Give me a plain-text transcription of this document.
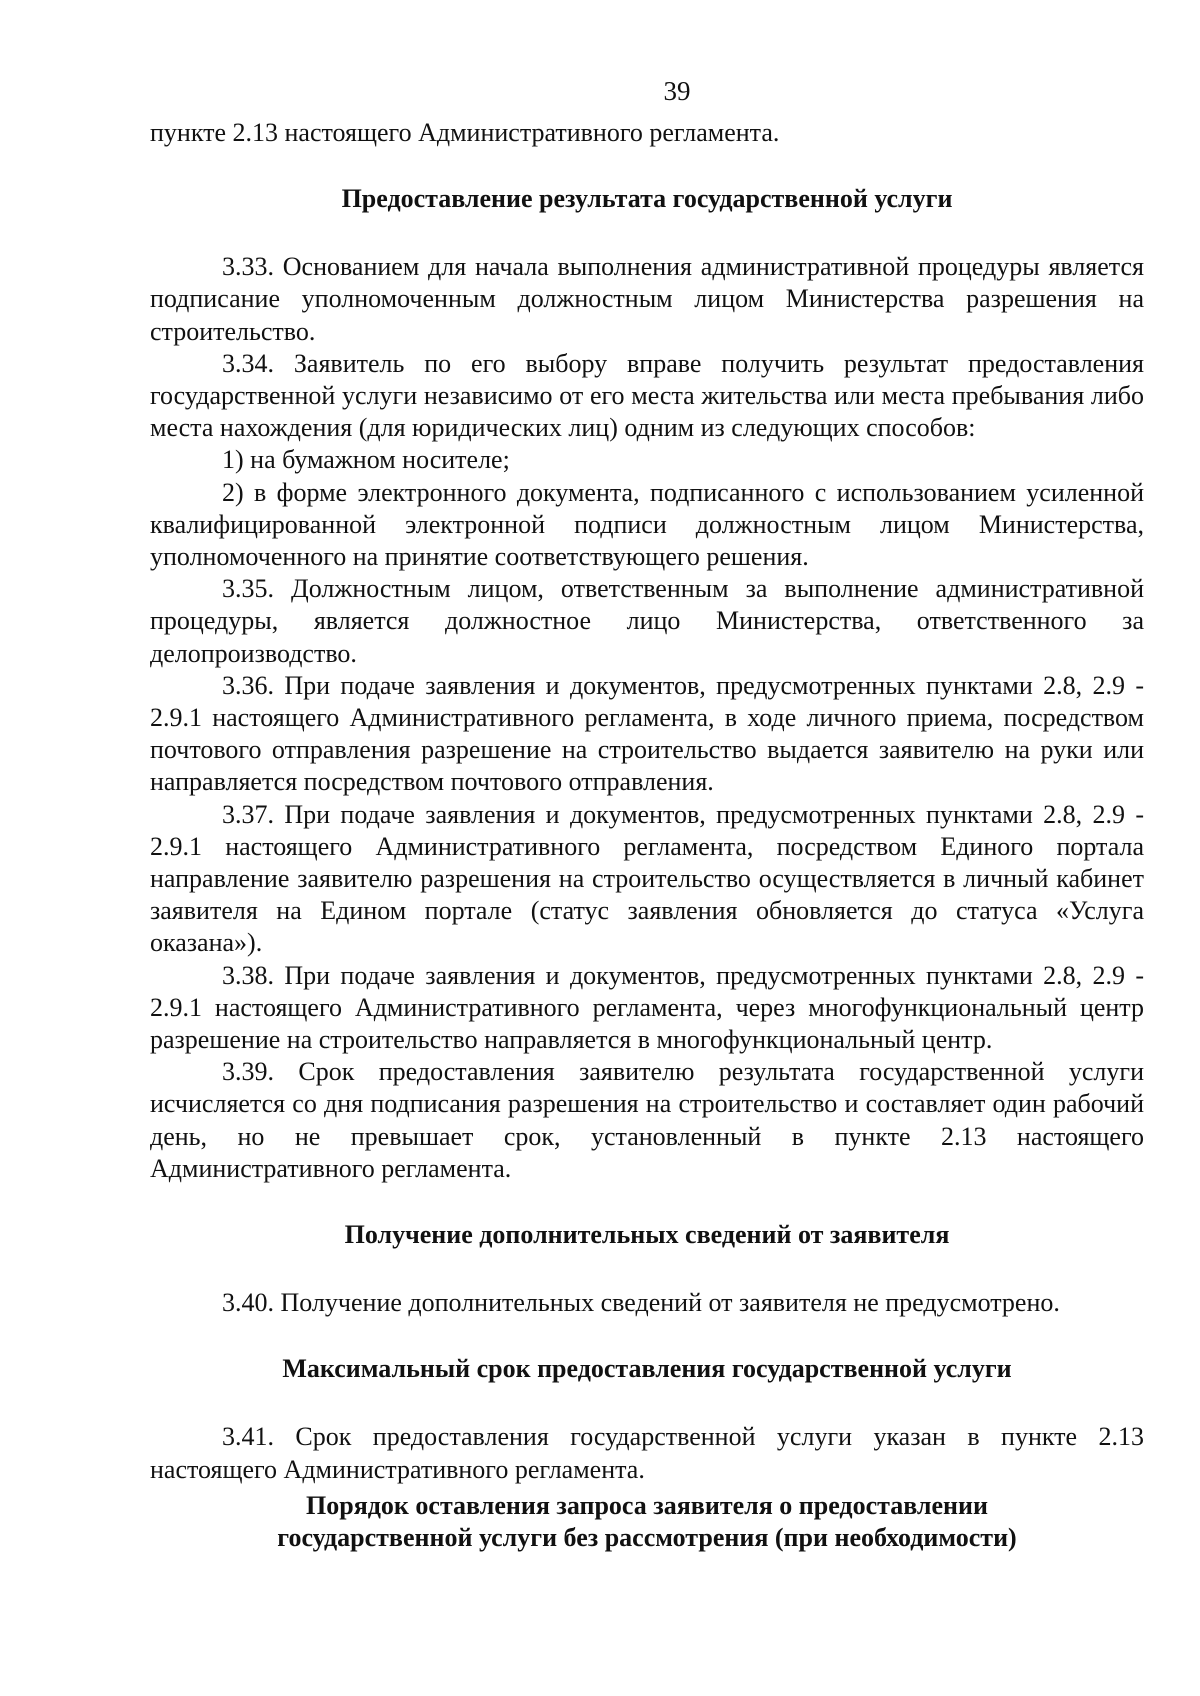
39

пункте 2.13 настоящего Административного регламента.

Предоставление результата государственной услуги

3.33. Основанием для начала выполнения административной процедуры является подписание уполномоченным должностным лицом Министерства разрешения на строительство.

3.34. Заявитель по его выбору вправе получить результат предоставления государственной услуги независимо от его места жительства или места пребывания либо места нахождения (для юридических лиц) одним из следующих способов:

1) на бумажном носителе;

2) в форме электронного документа, подписанного с использованием усиленной квалифицированной электронной подписи должностным лицом Министерства, уполномоченного на принятие соответствующего решения.

3.35. Должностным лицом, ответственным за выполнение административной процедуры, является должностное лицо Министерства, ответственного за делопроизводство.

3.36. При подаче заявления и документов, предусмотренных пунктами 2.8, 2.9 - 2.9.1 настоящего Административного регламента, в ходе личного приема, посредством почтового отправления разрешение на строительство выдается заявителю на руки или направляется посредством почтового отправления.

3.37. При подаче заявления и документов, предусмотренных пунктами 2.8, 2.9 - 2.9.1 настоящего Административного регламента, посредством Единого портала направление заявителю разрешения на строительство осуществляется в личный кабинет заявителя на Едином портале (статус заявления обновляется до статуса «Услуга оказана»).

3.38. При подаче заявления и документов, предусмотренных пунктами 2.8, 2.9 - 2.9.1 настоящего Административного регламента, через многофункциональный центр разрешение на строительство направляется в многофункциональный центр.

3.39. Срок предоставления заявителю результата государственной услуги исчисляется со дня подписания разрешения на строительство и составляет один рабочий день, но не превышает срок, установленный в пункте 2.13 настоящего Административного регламента.

Получение дополнительных сведений от заявителя

3.40. Получение дополнительных сведений от заявителя не предусмотрено.

Максимальный срок предоставления государственной услуги

3.41. Срок предоставления государственной услуги указан в пункте 2.13 настоящего Административного регламента.

Порядок оставления запроса заявителя о предоставлении
государственной услуги без рассмотрения (при необходимости)
